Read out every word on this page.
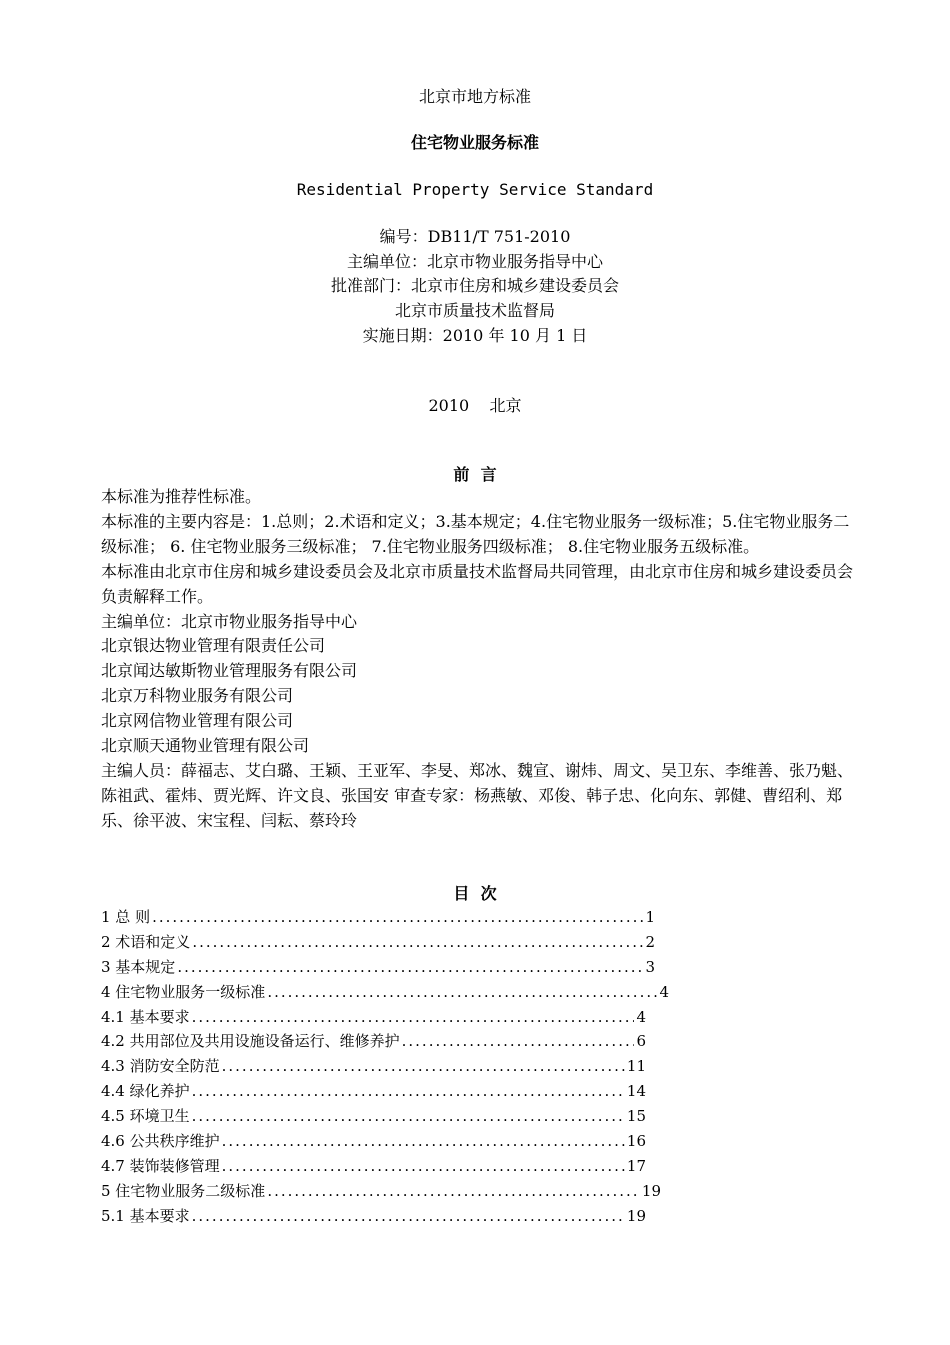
北京市地方标准
住宅物业服务标准
Residential Property Service Standard
编号：DB11/T 751-2010
主编单位：北京市物业服务指导中心
批准部门：北京市住房和城乡建设委员会
北京市质量技术监督局
实施日期：2010 年 10 月 1 日
2010    北京
前  言

本标准为推荐性标准。

本标准的主要内容是：1.总则；2.术语和定义；3.基本规定；4.住宅物业服务一级标准；5.住宅物业服务二级标准； 6. 住宅物业服务三级标准； 7.住宅物业服务四级标准； 8.住宅物业服务五级标准。

本标准由北京市住房和城乡建设委员会及北京市质量技术监督局共同管理，由北京市住房和城乡建设委员会负责解释工作。

主编单位：北京市物业服务指导中心

北京银达物业管理有限责任公司

北京闻达敏斯物业管理服务有限公司

北京万科物业服务有限公司

北京网信物业管理有限公司

北京顺天通物业管理有限公司

主编人员：薛福志、艾白璐、王颖、王亚军、李旻、郑冰、魏宣、谢炜、周文、吴卫东、李维善、张乃魁、陈祖武、霍炜、贾光辉、许文良、张国安 审查专家：杨燕敏、邓俊、韩子忠、化向东、郭健、曹绍利、郑乐、徐平波、宋宝程、闫耘、蔡玲玲

目  次
1 总 则 .....	1
2 术语和定义 .....	2
3 基本规定 .....	3
4 住宅物业服务一级标准 .....	4
4.1 基本要求 .....	4
4.2 共用部位及共用设施设备运行、维修养护 .....	6
4.3 消防安全防范 .....	11
4.4 绿化养护 .....	14
4.5 环境卫生 .....	15
4.6 公共秩序维护 .....	16
4.7 装饰装修管理 .....	17
5 住宅物业服务二级标准 .....	19
5.1 基本要求 .....	19
